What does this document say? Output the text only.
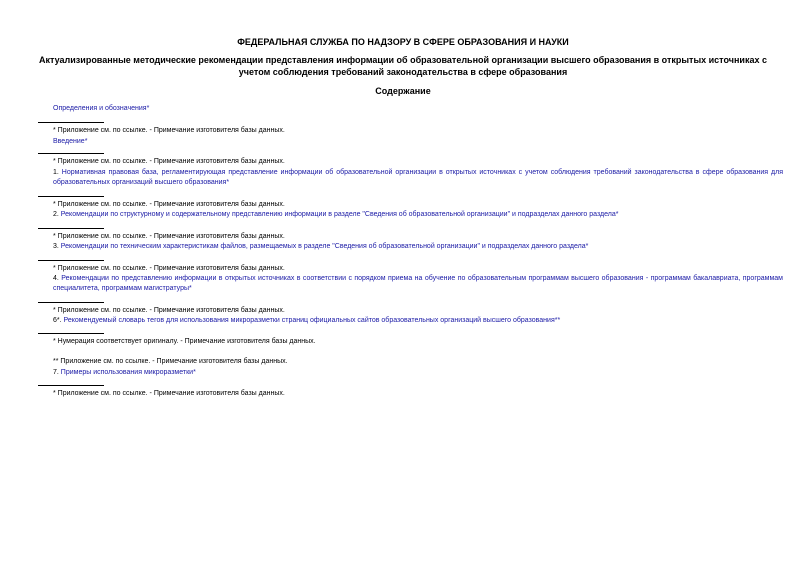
ФЕДЕРАЛЬНАЯ СЛУЖБА ПО НАДЗОРУ В СФЕРЕ ОБРАЗОВАНИЯ И НАУКИ
Актуализированные методические рекомендации представления информации об образовательной организации высшего образования в открытых источниках с учетом соблюдения требований законодательства в сфере образования
Содержание
Определения и обозначения*
* Приложение см. по ссылке. - Примечание изготовителя базы данных.
Введение*
* Приложение см. по ссылке. - Примечание изготовителя базы данных.
1. Нормативная правовая база, регламентирующая представление информации об образовательной организации в открытых источниках с учетом соблюдения требований законодательства в сфере образования для образовательных организаций высшего образования*
* Приложение см. по ссылке. - Примечание изготовителя базы данных.
2. Рекомендации по структурному и содержательному представлению информации в разделе "Сведения об образовательной организации" и подразделах данного раздела*
* Приложение см. по ссылке. - Примечание изготовителя базы данных.
3. Рекомендации по техническим характеристикам файлов, размещаемых в разделе "Сведения об образовательной организации" и подразделах данного раздела*
* Приложение см. по ссылке. - Примечание изготовителя базы данных.
4. Рекомендации по представлению информации в открытых источниках в соответствии с порядком приема на обучение по образовательным программам высшего образования - программам бакалавриата, программам специалитета, программам магистратуры*
* Приложение см. по ссылке. - Примечание изготовителя базы данных.
6*. Рекомендуемый словарь тегов для использования микроразметки страниц официальных сайтов образовательных организаций высшего образования**
* Нумерация соответствует оригиналу. - Примечание изготовителя базы данных.
** Приложение см. по ссылке. - Примечание изготовителя базы данных.
7. Примеры использования микроразметки*
* Приложение см. по ссылке. - Примечание изготовителя базы данных.
